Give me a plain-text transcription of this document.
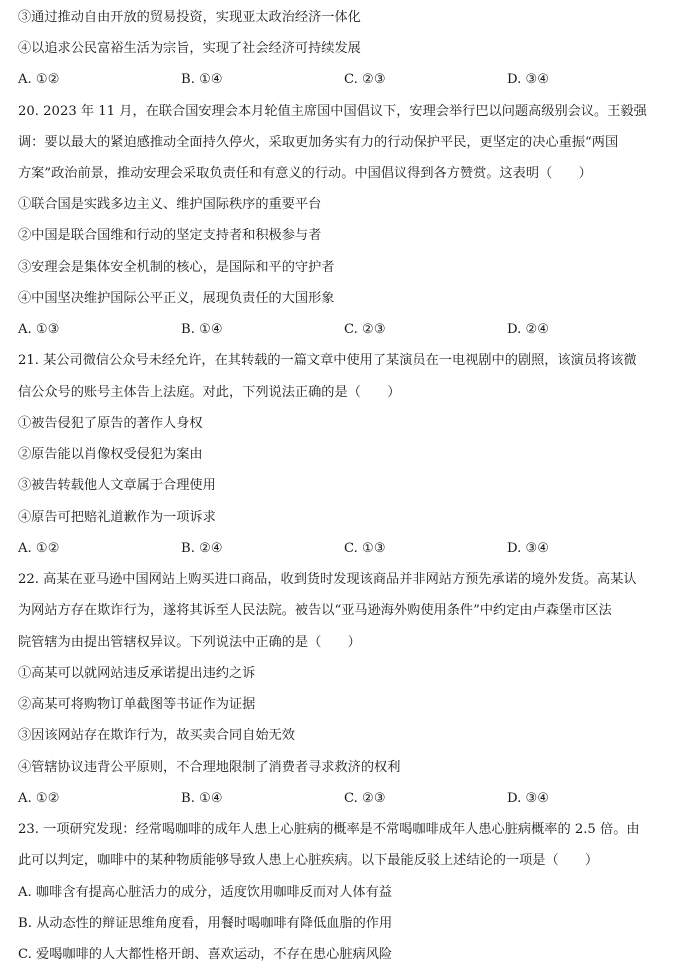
③通过推动自由开放的贸易投资，实现亚太政治经济一体化
④以追求公民富裕生活为宗旨，实现了社会经济可持续发展
A. ①②	B. ①④	C. ②③	D. ③④
20. 2023 年 11 月，在联合国安理会本月轮值主席国中国倡议下，安理会举行巴以问题高级别会议。王毅强
调：要以最大的紧迫感推动全面持久停火，采取更加务实有力的行动保护平民，更坚定的决心重振“两国
方案”政治前景，推动安理会采取负责任和有意义的行动。中国倡议得到各方赞赏。这表明（　　）
①联合国是实践多边主义、维护国际秩序的重要平台
②中国是联合国维和行动的坚定支持者和积极参与者
③安理会是集体安全机制的核心，是国际和平的守护者
④中国坚决维护国际公平正义，展现负责任的大国形象
A. ①③	B. ①④	C. ②③	D. ②④
21. 某公司微信公众号未经允许，在其转载的一篇文章中使用了某演员在一电视剧中的剧照，该演员将该微
信公众号的账号主体告上法庭。对此，下列说法正确的是（　　）
①被告侵犯了原告的著作人身权
②原告能以肖像权受侵犯为案由
③被告转载他人文章属于合理使用
④原告可把赔礼道歉作为一项诉求
A. ①②	B. ②④	C. ①③	D. ③④
22. 高某在亚马逊中国网站上购买进口商品，收到货时发现该商品并非网站方预先承诺的境外发货。高某认
为网站方存在欺诈行为，遂将其诉至人民法院。被告以“亚马逊海外购使用条件”中约定由卢森堡市区法
院管辖为由提出管辖权异议。下列说法中正确的是（　　）
①高某可以就网站违反承诺提出违约之诉
②高某可将购物订单截图等书证作为证据
③因该网站存在欺诈行为，故买卖合同自始无效
④管辖协议违背公平原则，不合理地限制了消费者寻求救济的权利
A. ①②	B. ①④	C. ②③	D. ③④
23. 一项研究发现：经常喝咖啡的成年人患上心脏病的概率是不常喝咖啡成年人患心脏病概率的 2.5 倍。由
此可以判定，咖啡中的某种物质能够导致人患上心脏疾病。以下最能反驳上述结论的一项是（　　）
A. 咖啡含有提高心脏活力的成分，适度饮用咖啡反而对人体有益
B. 从动态性的辩证思维角度看，用餐时喝咖啡有降低血脂的作用
C. 爱喝咖啡的人大都性格开朗、喜欢运动，不存在患心脏病风险
